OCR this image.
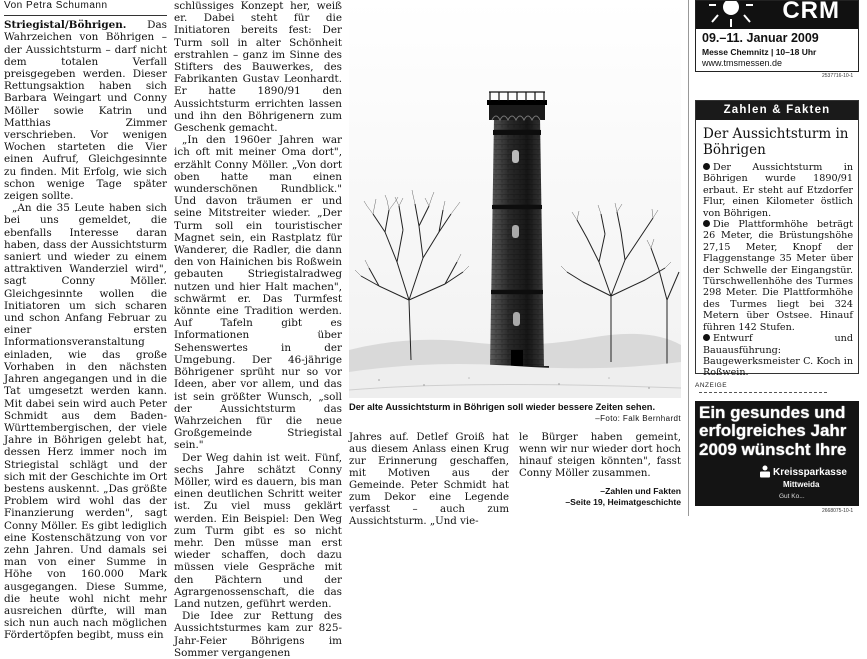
Von Petra Schumann

Striegistal/Böhrigen. Das Wahrzeichen von Böhrigen – der Aussichtsturm – darf nicht dem totalen Verfall preisgegeben werden. Dieser Rettungsaktion haben sich Barbara Weingart und Conny Möller sowie Katrin und Matthias Zimmer verschrieben. Vor wenigen Wochen starteten die Vier einen Aufruf, Gleichgesinnte zu finden. Mit Erfolg, wie sich schon wenige Tage später zeigen sollte.

„An die 35 Leute haben sich bei uns gemeldet, die ebenfalls Interesse daran haben, dass der Aussichtsturm saniert und wieder zu einem attraktiven Wanderziel wird", sagt Conny Möller. Gleichgesinnte wollen die Initiatoren um sich scharen und schon Anfang Februar zu einer ersten Informationsveranstaltung einladen, wie das große Vorhaben in den nächsten Jahren angegangen und in die Tat umgesetzt werden kann. Mit dabei sein wird auch Peter Schmidt aus dem Baden-Württembergischen, der viele Jahre in Böhrigen gelebt hat, dessen Herz immer noch im Striegistal schlägt und der sich mit der Geschichte im Ort bestens auskennt. „Das größte Problem wird wohl das der Finanzierung werden", sagt Conny Möller. Es gibt lediglich eine Kostenschätzung von vor zehn Jahren. Und damals sei man von einer Summe in Höhe von 160.000 Mark ausgegangen. Diese Summe, die heute wohl nicht mehr ausreichen dürfte, will man sich nun auch nach möglichen Fördertöpfen begibt, muss ein

schlüssiges Konzept her, weiß er. Dabei steht für die Initiatoren bereits fest: Der Turm soll in alter Schönheit erstrahlen – ganz im Sinne des Stifters des Bauwerkes, des Fabrikanten Gustav Leonhardt. Er hatte 1890/91 den Aussichtsturm errichten lassen und ihn den Böhrigenern zum Geschenk gemacht.

„In den 1960er Jahren war ich oft mit meiner Oma dort", erzählt Conny Möller. „Von dort oben hatte man einen wunderschönen Rundblick." Und davon träumen er und seine Mitstreiter wieder. „Der Turm soll ein touristischer Magnet sein, ein Rastplatz für Wanderer, die Radler, die dann den von Hainichen bis Roßwein gebauten Striegistalradweg nutzen und hier Halt machen", schwärmt er. Das Turmfest könnte eine Tradition werden. Auf Tafeln gibt es Informationen über Sehenswertes in der Umgebung. Der 46-jährige Böhrigener sprüht nur so vor Ideen, aber vor allem, und das ist sein größter Wunsch, „soll der Aussichtsturm das Wahrzeichen für die neue Großgemeinde Striegistal sein."

Der Weg dahin ist weit. Fünf, sechs Jahre schätzt Conny Möller, wird es dauern, bis man einen deutlichen Schritt weiter ist. Zu viel muss geklärt werden. Ein Beispiel: Den Weg zum Turm gibt es so nicht mehr. Den müsse man erst wieder schaffen, doch dazu müssen viele Gespräche mit den Pächtern und der Agrargenossenschaft, die das Land nutzen, geführt werden.

Die Idee zur Rettung des Aussichtsturmes kam zur 825-Jahr-Feier Böhrigens im Sommer vergangenen

Der alte Aussichtsturm in Böhrigen soll wieder bessere Zeiten sehen.
–Foto: Falk Bernhardt

Jahres auf. Detlef Groiß hat aus diesem Anlass einen Krug zur Erinnerung geschaffen, mit Motiven aus der Gemeinde. Peter Schmidt hat zum Dekor eine Legende verfasst – auch zum Aussichtsturm. „Und vie-

le Bürger haben gemeint, wenn wir nur wieder dort hoch hinauf steigen könnten", fasst Conny Möller zusammen.

–Zahlen und Fakten
–Seite 19, Heimatgeschichte
CRM
09.–11. Januar 2009
Messe Chemnitz | 10–18 Uhr
www.tmsmessen.de
2537716-10-1
Zahlen & Fakten
Der Aussichtsturm in Böhrigen

Der Aussichtsturm in Böhrigen wurde 1890/91 erbaut. Er steht auf Etzdorfer Flur, einen Kilometer östlich von Böhrigen.

Die Plattformhöhe beträgt 26 Meter, die Brüstungshöhe 27,15 Meter, Knopf der Flaggenstange 35 Meter über der Schwelle der Eingangstür. Türschwellenhöhe des Turmes 298 Meter. Die Plattformhöhe des Turmes liegt bei 324 Metern über Ostsee. Hinauf führen 142 Stufen.

Entwurf und Bauausführung: Baugewerksmeister C. Koch in Roßwein.

ANZEIGE
Ein gesundes und
erfolgreiches Jahr
2009 wünscht Ihre
Kreissparkasse
Mittweida
Gut Ko...
2668075-10-1
